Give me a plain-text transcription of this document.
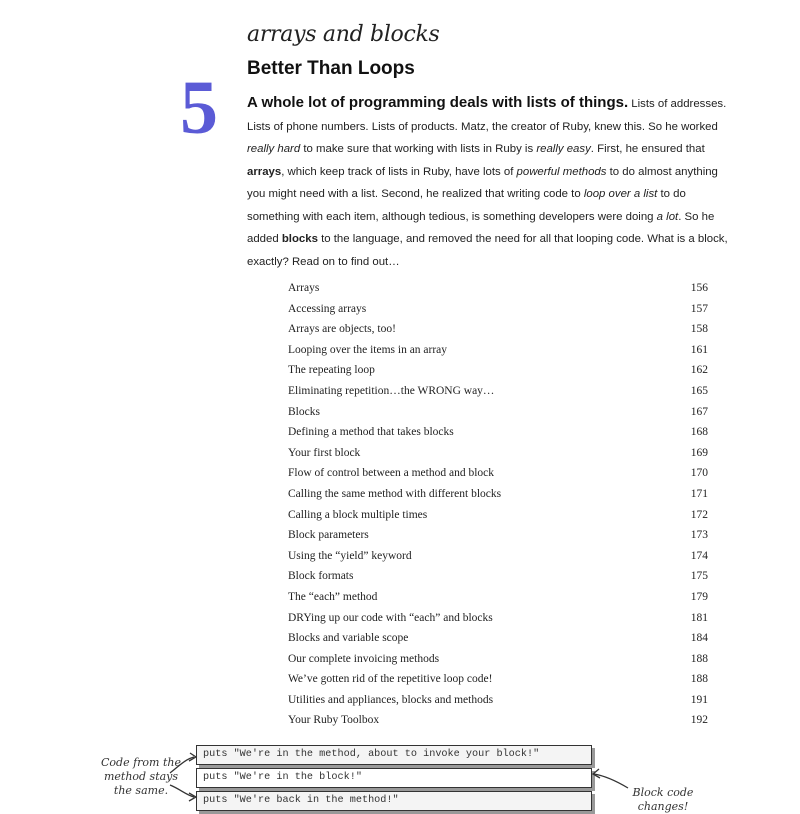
arrays and blocks
5 Better Than Loops
A whole lot of programming deals with lists of things. Lists of addresses. Lists of phone numbers. Lists of products. Matz, the creator of Ruby, knew this. So he worked really hard to make sure that working with lists in Ruby is really easy. First, he ensured that arrays, which keep track of lists in Ruby, have lots of powerful methods to do almost anything you might need with a list. Second, he realized that writing code to loop over a list to do something with each item, although tedious, is something developers were doing a lot. So he added blocks to the language, and removed the need for all that looping code. What is a block, exactly? Read on to find out…
Arrays	156
Accessing arrays	157
Arrays are objects, too!	158
Looping over the items in an array	161
The repeating loop	162
Eliminating repetition…the WRONG way…	165
Blocks	167
Defining a method that takes blocks	168
Your first block	169
Flow of control between a method and block	170
Calling the same method with different blocks	171
Calling a block multiple times	172
Block parameters	173
Using the “yield” keyword	174
Block formats	175
The “each” method	179
DRYing up our code with “each” and blocks	181
Blocks and variable scope	184
Our complete invoicing methods	188
We’ve gotten rid of the repetitive loop code!	188
Utilities and appliances, blocks and methods	191
Your Ruby Toolbox	192
puts "We're in the method, about to invoke your block!"
puts "We're in the block!"
puts "We're back in the method!"
Code from the method stays the same.	Block code changes!
